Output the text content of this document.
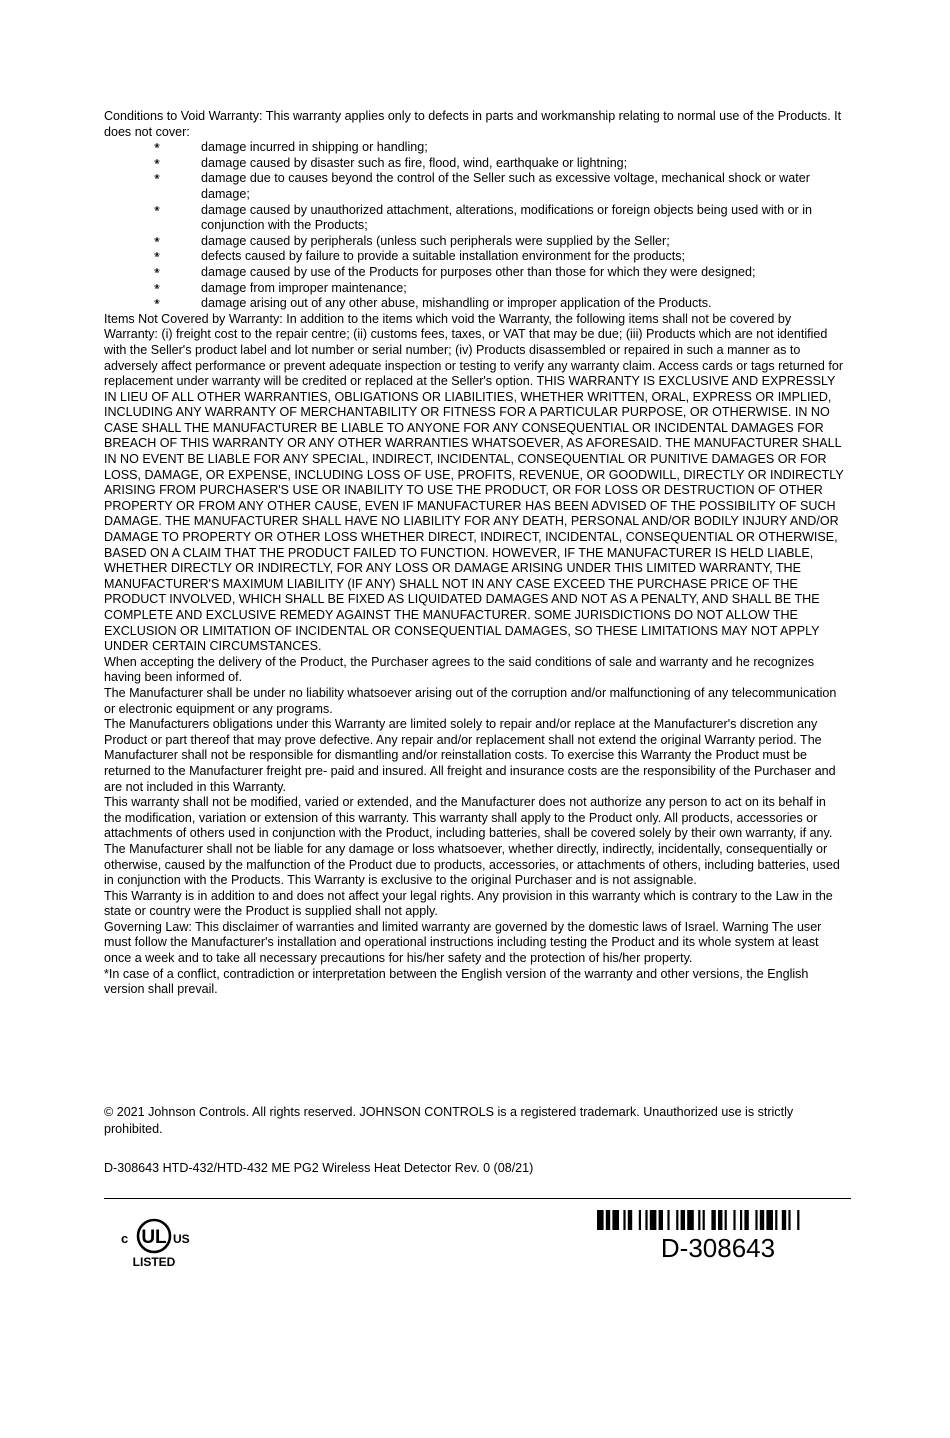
Conditions to Void Warranty: This warranty applies only to defects in parts and workmanship relating to normal use of the Products. It does not cover:

❀	damage incurred in shipping or handling;
❀	damage caused by disaster such as fire, flood, wind, earthquake or lightning;
❀	damage due to causes beyond the control of the Seller such as excessive voltage, mechanical shock or water damage;
❀	damage caused by unauthorized attachment, alterations, modifications or foreign objects being used with or in conjunction with the Products;
❀	damage caused by peripherals (unless such peripherals were supplied by the Seller;
❀	defects caused by failure to provide a suitable installation environment for the products;
❀	damage caused by use of the Products for purposes other than those for which they were designed;
❀	damage from improper maintenance;
❀	damage arising out of any other abuse, mishandling or improper application of the Products.

Items Not Covered by Warranty: In addition to the items which void the Warranty, the following items shall not be covered by Warranty: (i) freight cost to the repair centre; (ii) customs fees, taxes, or VAT that may be due; (iii) Products which are not identified with the Seller's product label and lot number or serial number; (iv) Products disassembled or repaired in such a manner as to adversely affect performance or prevent adequate inspection or testing to verify any warranty claim. Access cards or tags returned for replacement under warranty will be credited or replaced at the Seller's option. THIS WARRANTY IS EXCLUSIVE AND EXPRESSLY IN LIEU OF ALL OTHER WARRANTIES, OBLIGATIONS OR LIABILITIES, WHETHER WRITTEN, ORAL, EXPRESS OR IMPLIED, INCLUDING ANY WARRANTY OF MERCHANTABILITY OR FITNESS FOR A PARTICULAR PURPOSE, OR OTHERWISE. IN NO CASE SHALL THE MANUFACTURER BE LIABLE TO ANYONE FOR ANY CONSEQUENTIAL OR INCIDENTAL DAMAGES FOR BREACH OF THIS WARRANTY OR ANY OTHER WARRANTIES WHATSOEVER, AS AFORESAID. THE MANUFACTURER SHALL IN NO EVENT BE LIABLE FOR ANY SPECIAL, INDIRECT, INCIDENTAL, CONSEQUENTIAL OR PUNITIVE DAMAGES OR FOR LOSS, DAMAGE, OR EXPENSE, INCLUDING LOSS OF USE, PROFITS, REVENUE, OR GOODWILL, DIRECTLY OR INDIRECTLY ARISING FROM PURCHASER'S USE OR INABILITY TO USE THE PRODUCT, OR FOR LOSS OR DESTRUCTION OF OTHER PROPERTY OR FROM ANY OTHER CAUSE, EVEN IF MANUFACTURER HAS BEEN ADVISED OF THE POSSIBILITY OF SUCH DAMAGE. THE MANUFACTURER SHALL HAVE NO LIABILITY FOR ANY DEATH, PERSONAL AND/OR BODILY INJURY AND/OR DAMAGE TO PROPERTY OR OTHER LOSS WHETHER DIRECT, INDIRECT, INCIDENTAL, CONSEQUENTIAL OR OTHERWISE, BASED ON A CLAIM THAT THE PRODUCT FAILED TO FUNCTION. HOWEVER, IF THE MANUFACTURER IS HELD LIABLE, WHETHER DIRECTLY OR INDIRECTLY, FOR ANY LOSS OR DAMAGE ARISING UNDER THIS LIMITED WARRANTY, THE MANUFACTURER'S MAXIMUM LIABILITY (IF ANY) SHALL NOT IN ANY CASE EXCEED THE PURCHASE PRICE OF THE PRODUCT INVOLVED, WHICH SHALL BE FIXED AS LIQUIDATED DAMAGES AND NOT AS A PENALTY, AND SHALL BE THE COMPLETE AND EXCLUSIVE REMEDY AGAINST THE MANUFACTURER. SOME JURISDICTIONS DO NOT ALLOW THE EXCLUSION OR LIMITATION OF INCIDENTAL OR CONSEQUENTIAL DAMAGES, SO THESE LIMITATIONS MAY NOT APPLY UNDER CERTAIN CIRCUMSTANCES.

When accepting the delivery of the Product, the Purchaser agrees to the said conditions of sale and warranty and he recognizes having been informed of.

The Manufacturer shall be under no liability whatsoever arising out of the corruption and/or malfunctioning of any telecommunication or electronic equipment or any programs.

The Manufacturers obligations under this Warranty are limited solely to repair and/or replace at the Manufacturer's discretion any Product or part thereof that may prove defective. Any repair and/or replacement shall not extend the original Warranty period. The Manufacturer shall not be responsible for dismantling and/or reinstallation costs. To exercise this Warranty the Product must be returned to the Manufacturer freight pre- paid and insured. All freight and insurance costs are the responsibility of the Purchaser and are not included in this Warranty.

This warranty shall not be modified, varied or extended, and the Manufacturer does not authorize any person to act on its behalf in the modification, variation or extension of this warranty. This warranty shall apply to the Product only. All products, accessories or attachments of others used in conjunction with the Product, including batteries, shall be covered solely by their own warranty, if any. The Manufacturer shall not be liable for any damage or loss whatsoever, whether directly, indirectly, incidentally, consequentially or otherwise, caused by the malfunction of the Product due to products, accessories, or attachments of others, including batteries, used in conjunction with the Products. This Warranty is exclusive to the original Purchaser and is not assignable.

This Warranty is in addition to and does not affect your legal rights. Any provision in this warranty which is contrary to the Law in the state or country were the Product is supplied shall not apply.

Governing Law: This disclaimer of warranties and limited warranty are governed by the domestic laws of Israel. Warning The user must follow the Manufacturer's installation and operational instructions including testing the Product and its whole system at least once a week and to take all necessary precautions for his/her safety and the protection of his/her property.

*In case of a conflict, contradiction or interpretation between the English version of the warranty and other versions, the English version shall prevail.

© 2021 Johnson Controls. All rights reserved. JOHNSON CONTROLS is a registered trademark. Unauthorized use is strictly prohibited.
D-308643 HTD-432/HTD-432 ME PG2 Wireless Heat Detector Rev. 0 (08/21)
UL
c	US
LISTED	D-308643
